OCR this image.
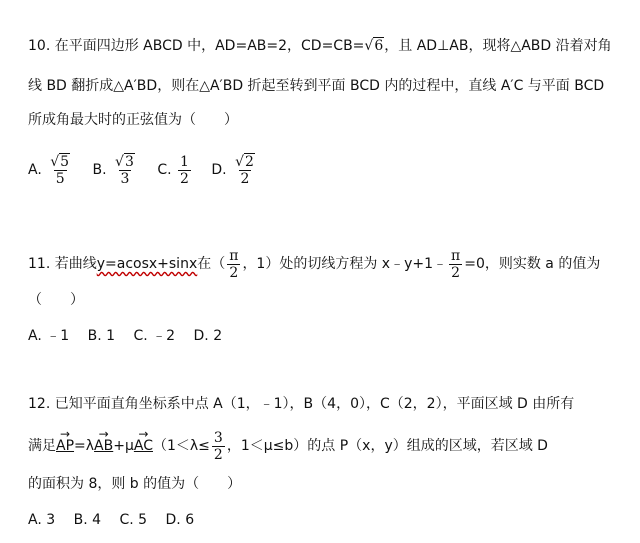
10. 在平面四边形 ABCD 中，AD=AB=2，CD=CB=√6，且 AD⊥AB，现将△ABD 沿着对角
线 BD 翻折成△A′BD，则在△A′BD 折起至转到平面 BCD 内的过程中，直线 A′C 与平面 BCD
所成角最大时的正弦值为（　　）
A. $\frac{√5}{5} B$. $\frac{√3}{3} C$. $\frac{1}{2} D$. $\frac{√2}{2}$
11. 若曲线y=acosx+sinx在（ $\frac{\pi}{2}$ ，1）处的切线方程为 x﹣y+1﹣ $\frac{\pi}{2} =0$，则实数 a 的值为
（　　）
A. ﹣1 B. 1 C. ﹣2 D. 2
12. 已知平面直角坐标系中点 A（1，﹣1），B（4，0），C（2，2），平面区域 D 由所有
满足→ $AP=\lambda\to AB+\mu\to AC(1<\lambda\le \frac{3}{2}$ ，1＜μ≤b）的点 P（x，y）组成的区域，若区域 D
的面积为 8，则 b 的值为（　　）
A. 3 B. 4 C. 5 D. 6
